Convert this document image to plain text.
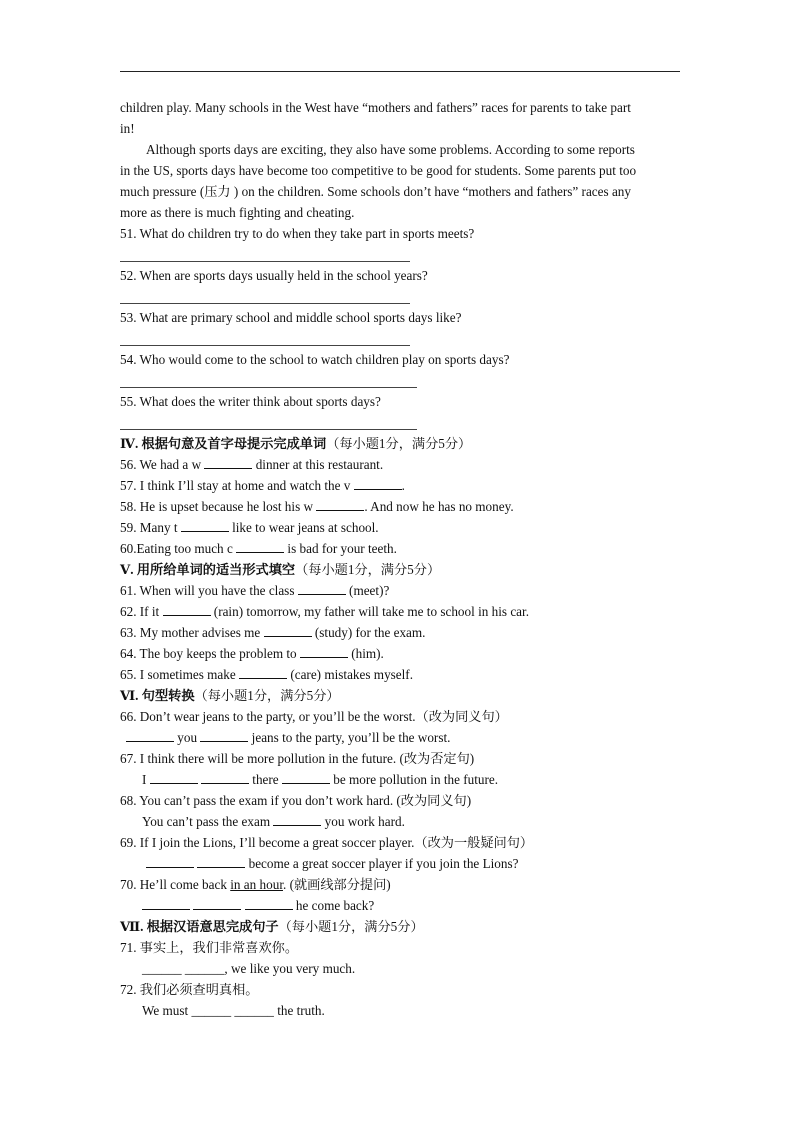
children play. Many schools in the West have “mothers and fathers” races for parents to take part
in!
Although sports days are exciting, they also have some problems. According to some reports
in the US, sports days have become too competitive to be good for students. Some parents put too
much pressure (压力 ) on the children. Some schools don’t have “mothers and fathers” races any
more as there is much fighting and cheating.
51. What do children try to do when they take part in sports meets?
52. When are sports days usually held in the school years?
53. What are primary school and middle school sports days like?
54. Who would come to the school to watch children play on sports days?
55. What does the writer think about sports days?
Ⅳ. 根据句意及首字母提示完成单词（每小题1分，满分5分）
56. We had a w	dinner at this restaurant.
57. I think I’ll stay at home and watch the v	.
58. He is upset because he lost his w	. And now he has no money.
59. Many t	like to wear jeans at school.
60.Eating too much c	is bad for your teeth.
Ⅴ. 用所给单词的适当形式填空（每小题1分，满分5分）
61. When will you have the class	(meet)?
62. If it	(rain) tomorrow, my father will take me to school in his car.
63. My mother advises me	(study) for the exam.
64. The boy keeps the problem to	(him).
65. I sometimes make	(care) mistakes myself.
Ⅵ. 句型转换（每小题1分，满分5分）
66. Don’t wear jeans to the party, or you’ll be the worst.（改为同义句）
you	jeans to the party, you’ll be the worst.
67. I think there will be more pollution in the future. (改为否定句)
I	there	be more pollution in the future.
68. You can’t pass the exam if you don’t work hard. (改为同义句)
You can’t pass the exam	you work hard.
69. If I join the Lions, I’ll become a great soccer player.（改为一般疑问句）
become a great soccer player if you join the Lions?
70. He’ll come back in an hour. (就画线部分提问)
he come back?
Ⅶ. 根据汉语意思完成句子（每小题1分，满分5分）
71. 事实上，我们非常喜欢你。
______ ______, we like you very much.
72. 我们必须查明真相。
We must ______ ______ the truth.
